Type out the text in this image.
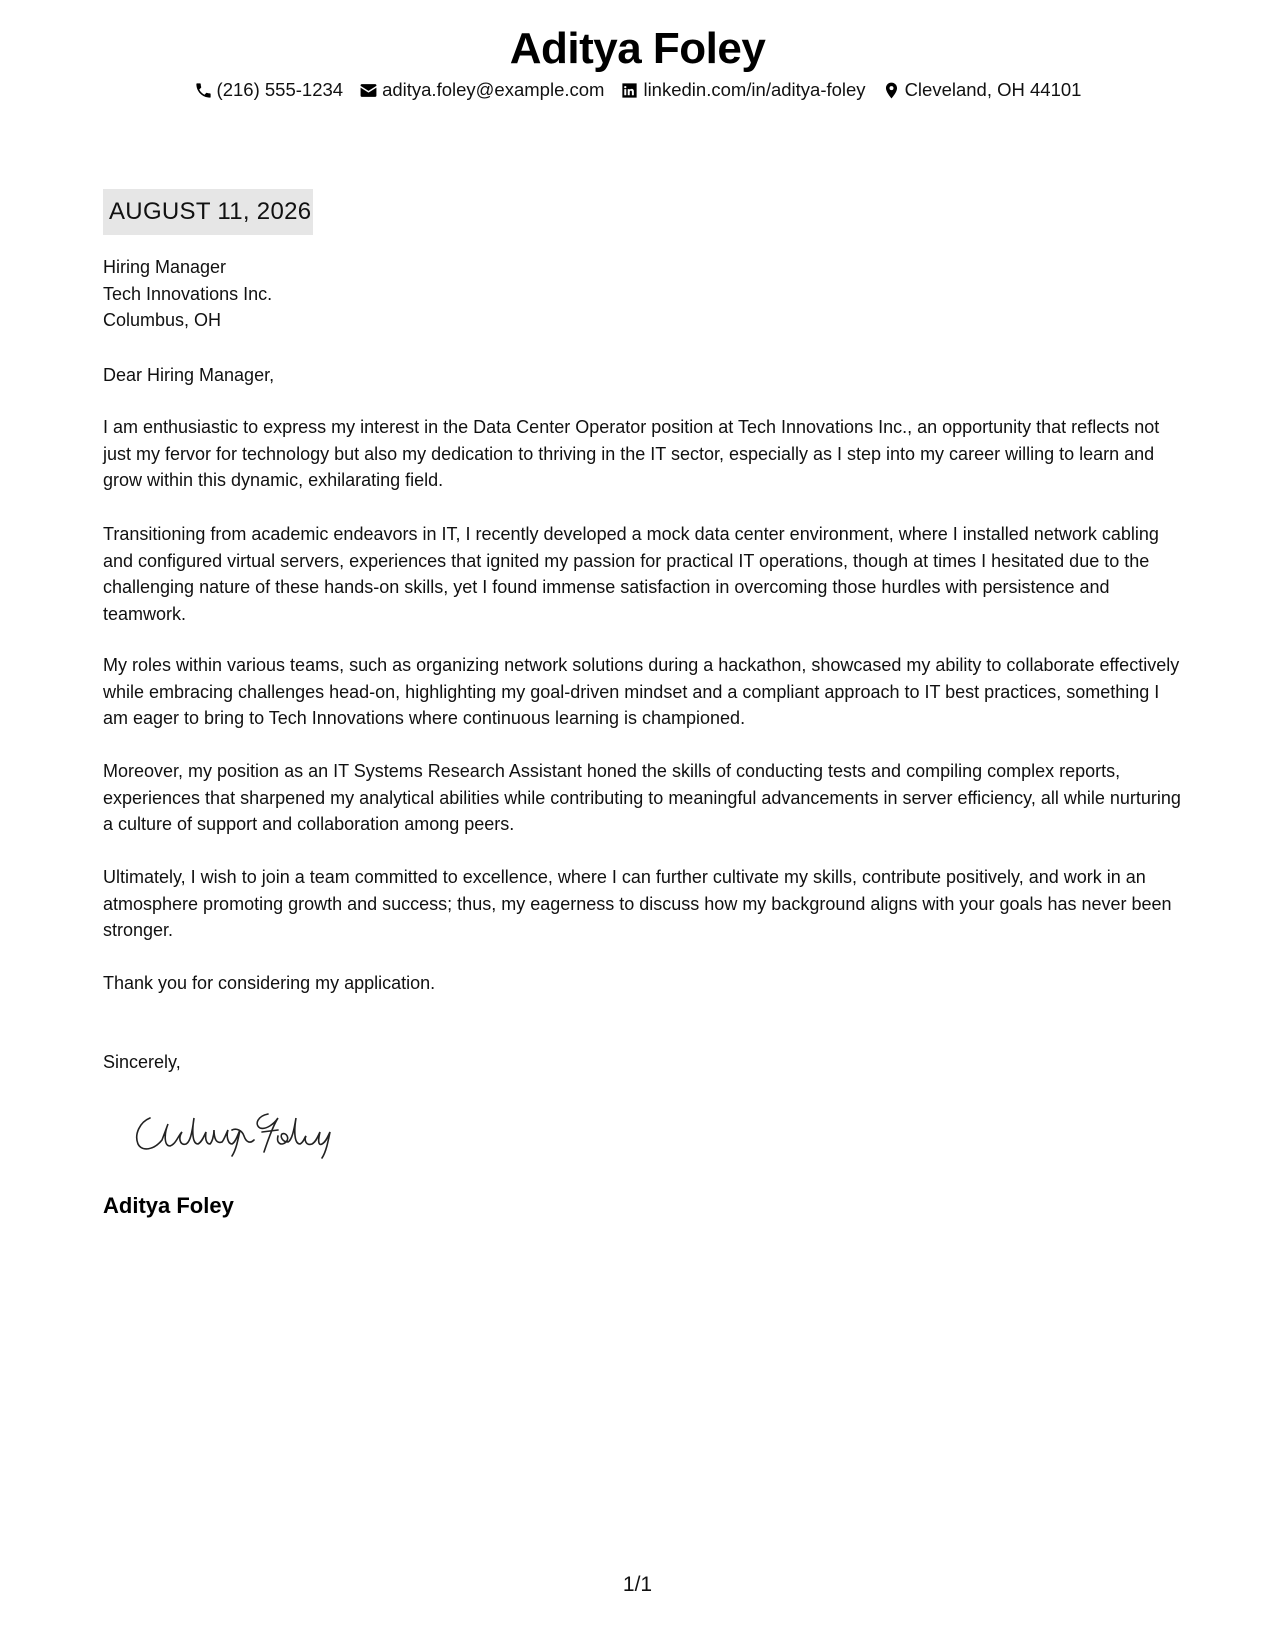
Aditya Foley
(216) 555-1234 aditya.foley@example.com linkedin.com/in/aditya-foley Cleveland, OH 44101
AUGUST 11, 2026
Hiring Manager
Tech Innovations Inc.
Columbus, OH
Dear Hiring Manager,

I am enthusiastic to express my interest in the Data Center Operator position at Tech Innovations Inc., an opportunity that reflects not just my fervor for technology but also my dedication to thriving in the IT sector, especially as I step into my career willing to learn and grow within this dynamic, exhilarating field.

Transitioning from academic endeavors in IT, I recently developed a mock data center environment, where I installed network cabling and configured virtual servers, experiences that ignited my passion for practical IT operations, though at times I hesitated due to the challenging nature of these hands-on skills, yet I found immense satisfaction in overcoming those hurdles with persistence and teamwork.

My roles within various teams, such as organizing network solutions during a hackathon, showcased my ability to collaborate effectively while embracing challenges head-on, highlighting my goal-driven mindset and a compliant approach to IT best practices, something I am eager to bring to Tech Innovations where continuous learning is championed.

Moreover, my position as an IT Systems Research Assistant honed the skills of conducting tests and compiling complex reports, experiences that sharpened my analytical abilities while contributing to meaningful advancements in server efficiency, all while nurturing a culture of support and collaboration among peers.

Ultimately, I wish to join a team committed to excellence, where I can further cultivate my skills, contribute positively, and work in an atmosphere promoting growth and success; thus, my eagerness to discuss how my background aligns with your goals has never been stronger.

Thank you for considering my application.
Sincerely,
Aditya Foley
1/1
